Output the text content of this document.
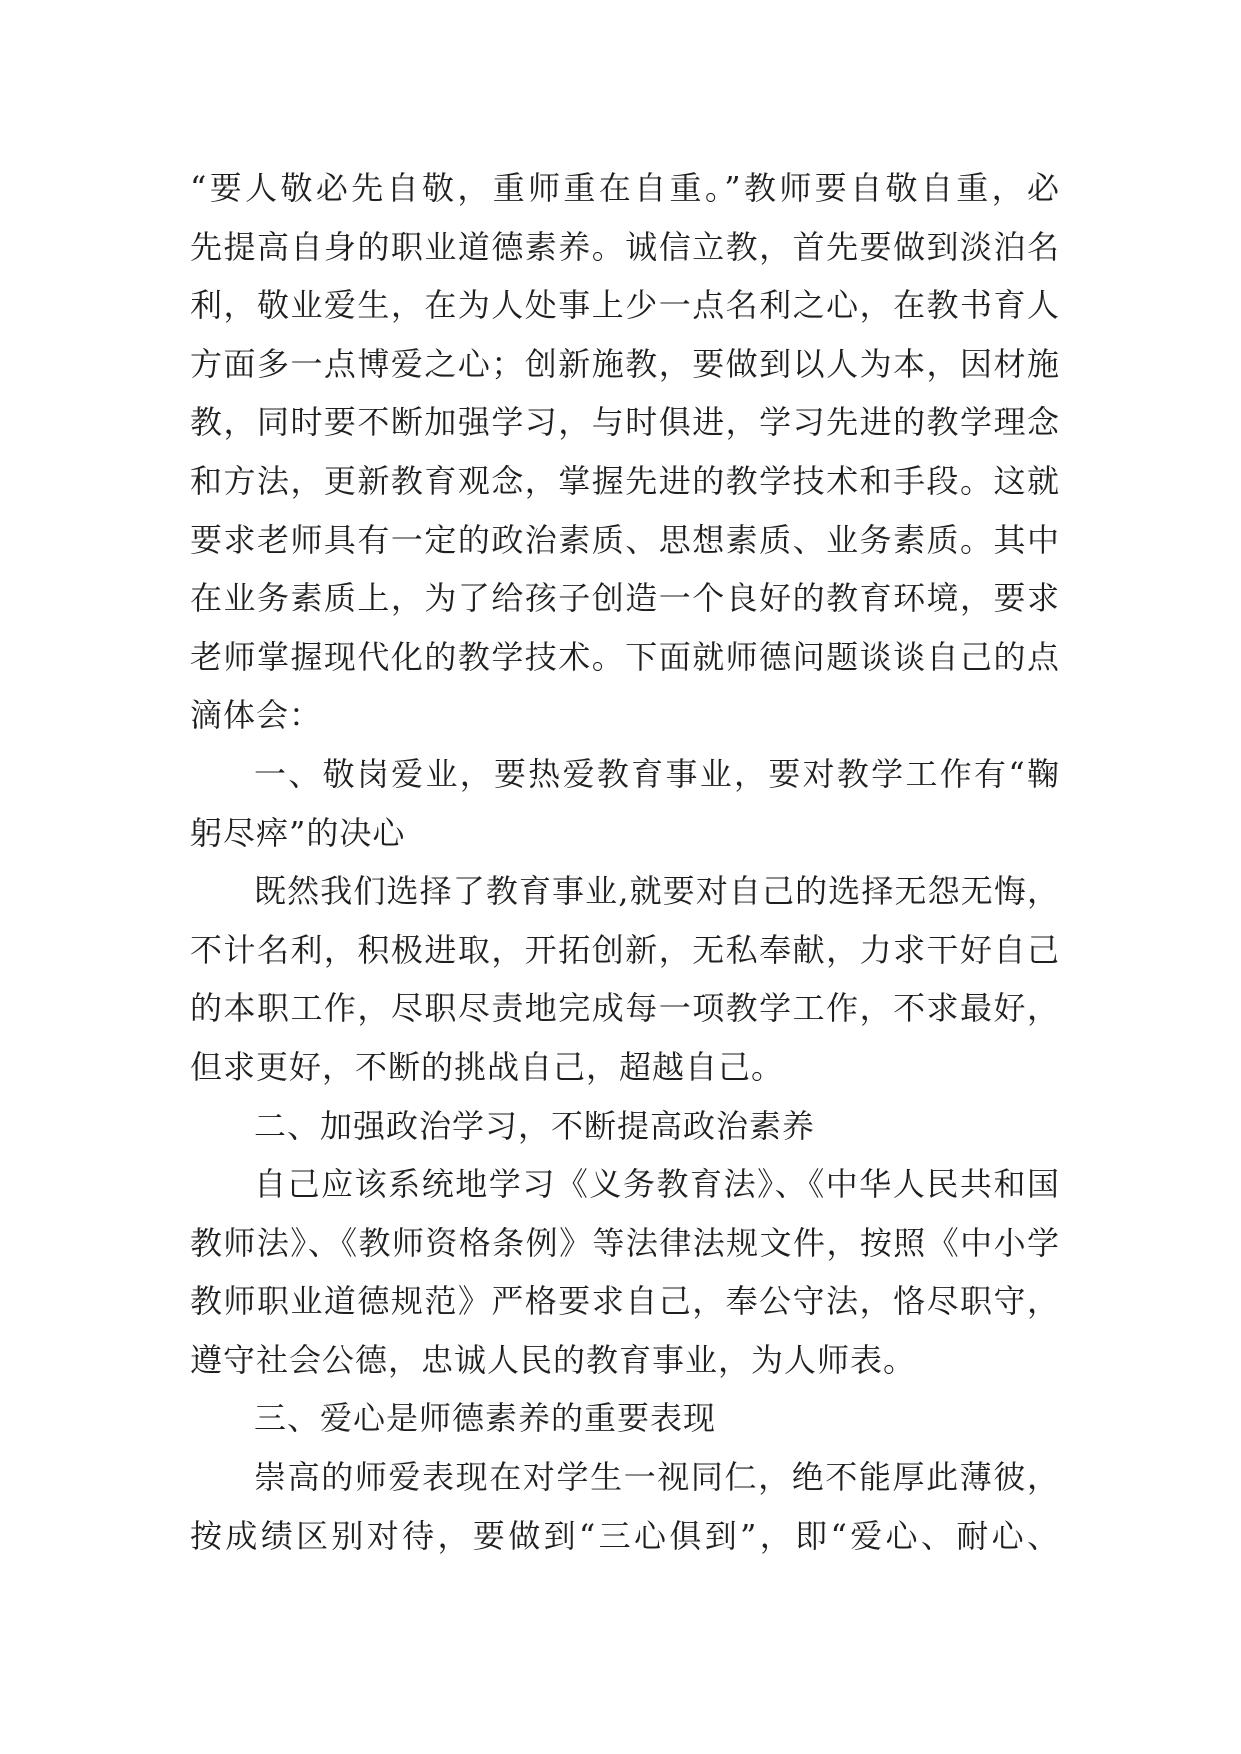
“要人敬必先自敬，重师重在自重。”教师要自敬自重，必
先提高自身的职业道德素养。诚信立教，首先要做到淡泊名
利，敬业爱生，在为人处事上少一点名利之心，在教书育人
方面多一点博爱之心；创新施教，要做到以人为本，因材施
教，同时要不断加强学习，与时俱进，学习先进的教学理念
和方法，更新教育观念，掌握先进的教学技术和手段。这就
要求老师具有一定的政治素质、思想素质、业务素质。其中
在业务素质上，为了给孩子创造一个良好的教育环境，要求
老师掌握现代化的教学技术。下面就师德问题谈谈自己的点
滴体会：
一、敬岗爱业，要热爱教育事业，要对教学工作有“鞠
躬尽瘁”的决心
既然我们选择了教育事业,就要对自己的选择无怨无悔，
不计名利，积极进取，开拓创新，无私奉献，力求干好自己
的本职工作，尽职尽责地完成每一项教学工作，不求最好，
但求更好，不断的挑战自己，超越自己。
二、加强政治学习，不断提高政治素养
自己应该系统地学习《义务教育法》、《中华人民共和国
教师法》、《教师资格条例》等法律法规文件，按照《中小学
教师职业道德规范》严格要求自己，奉公守法，恪尽职守，
遵守社会公德，忠诚人民的教育事业，为人师表。
三、爱心是师德素养的重要表现
崇高的师爱表现在对学生一视同仁，绝不能厚此薄彼，
按成绩区别对待，要做到“三心俱到”，即“爱心、耐心、
